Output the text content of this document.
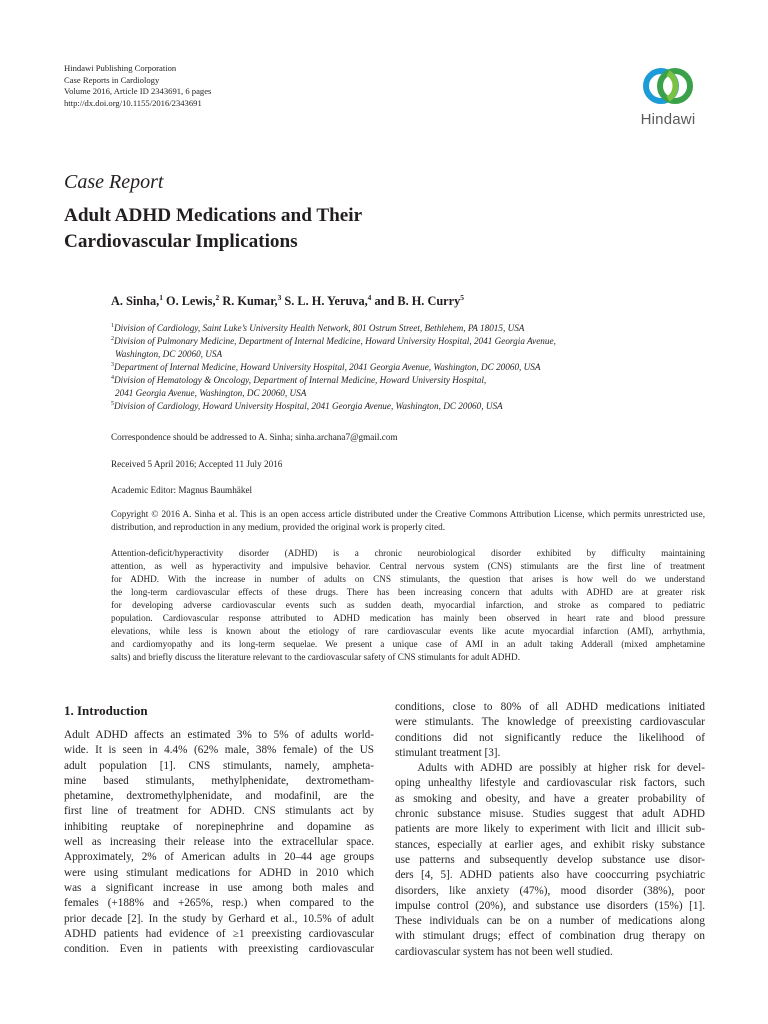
Hindawi Publishing Corporation
Case Reports in Cardiology
Volume 2016, Article ID 2343691, 6 pages
http://dx.doi.org/10.1155/2016/2343691
Hindawi
Case Report
Adult ADHD Medications and Their
Cardiovascular Implications
A. Sinha,$^1$ O. Lewis,$^2$ R. Kumar,$^3$ S. L. H. Yeruva,$^4$ and B. H. Curry$^5$
$^1$Division of Cardiology, Saint Luke’s University Health Network, 801 Ostrum Street, Bethlehem, PA 18015, USA
$^2$Division of Pulmonary Medicine, Department of Internal Medicine, Howard University Hospital, 2041 Georgia Avenue,
Washington, DC 20060, USA
$^3$Department of Internal Medicine, Howard University Hospital, 2041 Georgia Avenue, Washington, DC 20060, USA
$^4$Division of Hematology & Oncology, Department of Internal Medicine, Howard University Hospital,
2041 Georgia Avenue, Washington, DC 20060, USA
$^5$Division of Cardiology, Howard University Hospital, 2041 Georgia Avenue, Washington, DC 20060, USA
Correspondence should be addressed to A. Sinha; sinha.archana7@gmail.com
Received 5 April 2016; Accepted 11 July 2016
Academic Editor: Magnus Baumhäkel
Copyright © 2016 A. Sinha et al. This is an open access article distributed under the Creative Commons Attribution License, which permits unrestricted use, distribution, and reproduction in any medium, provided the original work is properly cited.
Attention-deficit/hyperactivity disorder (ADHD) is a chronic neurobiological disorder exhibited by difficulty maintaining
attention, as well as hyperactivity and impulsive behavior. Central nervous system (CNS) stimulants are the first line of treatment
for ADHD. With the increase in number of adults on CNS stimulants, the question that arises is how well do we understand
the long-term cardiovascular effects of these drugs. There has been increasing concern that adults with ADHD are at greater risk
for developing adverse cardiovascular events such as sudden death, myocardial infarction, and stroke as compared to pediatric
population. Cardiovascular response attributed to ADHD medication has mainly been observed in heart rate and blood pressure
elevations, while less is known about the etiology of rare cardiovascular events like acute myocardial infarction (AMI), arrhythmia,
and cardiomyopathy and its long-term sequelae. We present a unique case of AMI in an adult taking Adderall (mixed amphetamine
salts) and briefly discuss the literature relevant to the cardiovascular safety of CNS stimulants for adult ADHD.
1. Introduction
Adult ADHD affects an estimated 3% to 5% of adults world-
wide. It is seen in 4.4% (62% male, 38% female) of the US
adult population [1]. CNS stimulants, namely, ampheta-
mine based stimulants, methylphenidate, dextrometham-
phetamine, dextromethylphenidate, and modafinil, are the
first line of treatment for ADHD. CNS stimulants act by
inhibiting reuptake of norepinephrine and dopamine as
well as increasing their release into the extracellular space.
Approximately, 2% of American adults in 20–44 age groups
were using stimulant medications for ADHD in 2010 which
was a significant increase in use among both males and
females (+188% and +265%, resp.) when compared to the
prior decade [2]. In the study by Gerhard et al., 10.5% of adult
ADHD patients had evidence of ≥1 preexisting cardiovascular
condition. Even in patients with preexisting cardiovascular
conditions, close to 80% of all ADHD medications initiated
were stimulants. The knowledge of preexisting cardiovascular
conditions did not significantly reduce the likelihood of
stimulant treatment [3].
  Adults with ADHD are possibly at higher risk for devel-
oping unhealthy lifestyle and cardiovascular risk factors, such
as smoking and obesity, and have a greater probability of
chronic substance misuse. Studies suggest that adult ADHD
patients are more likely to experiment with licit and illicit sub-
stances, especially at earlier ages, and exhibit risky substance
use patterns and subsequently develop substance use disor-
ders [4, 5]. ADHD patients also have cooccurring psychiatric
disorders, like anxiety (47%), mood disorder (38%), poor
impulse control (20%), and substance use disorders (15%) [1].
These individuals can be on a number of medications along
with stimulant drugs; effect of combination drug therapy on
cardiovascular system has not been well studied.
